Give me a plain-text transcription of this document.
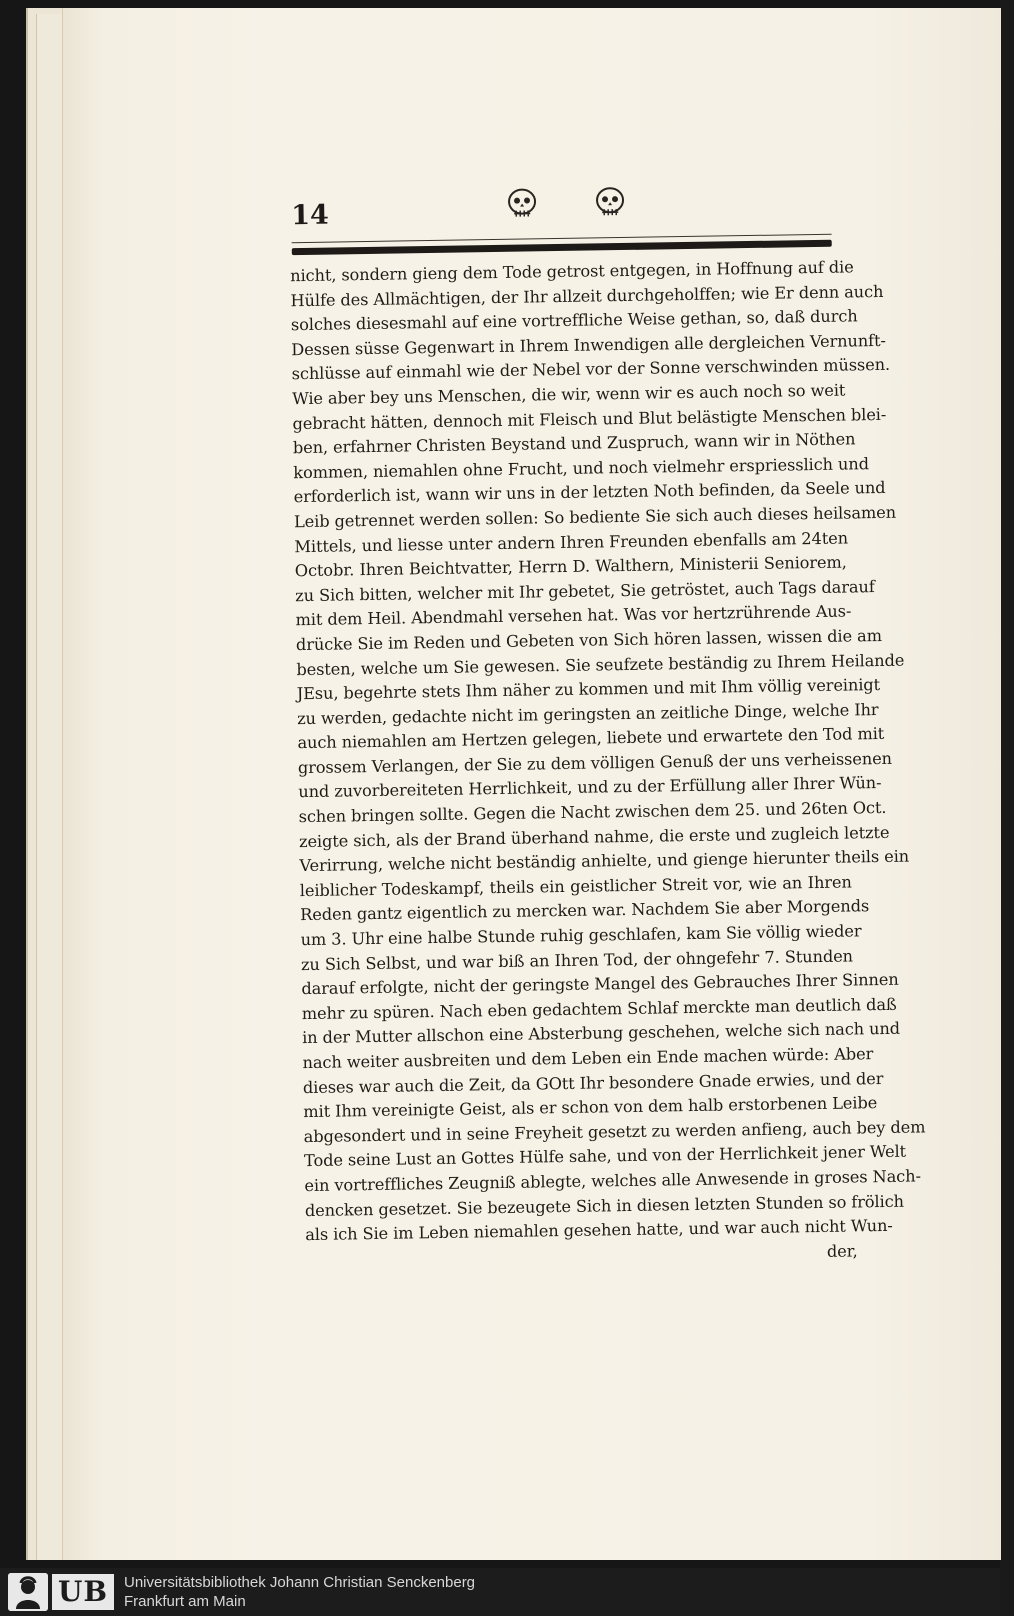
14
nicht, sondern gieng dem Tode getrost entgegen, in Hoffnung auf die
Hülfe des Allmächtigen, der Ihr allzeit durchgeholffen; wie Er denn auch
solches diesesmahl auf eine vortreffliche Weise gethan, so, daß durch
Dessen süsse Gegenwart in Ihrem Inwendigen alle dergleichen Vernunft-
schlüsse auf einmahl wie der Nebel vor der Sonne verschwinden müssen.
Wie aber bey uns Menschen, die wir, wenn wir es auch noch so weit
gebracht hätten, dennoch mit Fleisch und Blut belästigte Menschen blei-
ben, erfahrner Christen Beystand und Zuspruch, wann wir in Nöthen
kommen, niemahlen ohne Frucht, und noch vielmehr erspriesslich und
erforderlich ist, wann wir uns in der letzten Noth befinden, da Seele und
Leib getrennet werden sollen: So bediente Sie sich auch dieses heilsamen
Mittels, und liesse unter andern Ihren Freunden ebenfalls am 24ten
Octobr. Ihren Beichtvatter, Herrn D. Walthern, Ministerii Seniorem,
zu Sich bitten, welcher mit Ihr gebetet, Sie getröstet, auch Tags darauf
mit dem Heil. Abendmahl versehen hat. Was vor hertzrührende Aus-
drücke Sie im Reden und Gebeten von Sich hören lassen, wissen die am
besten, welche um Sie gewesen. Sie seufzete beständig zu Ihrem Heilande
JEsu, begehrte stets Ihm näher zu kommen und mit Ihm völlig vereinigt
zu werden, gedachte nicht im geringsten an zeitliche Dinge, welche Ihr
auch niemahlen am Hertzen gelegen, liebete und erwartete den Tod mit
grossem Verlangen, der Sie zu dem völligen Genuß der uns verheissenen
und zuvorbereiteten Herrlichkeit, und zu der Erfüllung aller Ihrer Wün-
schen bringen sollte. Gegen die Nacht zwischen dem 25. und 26ten Oct.
zeigte sich, als der Brand überhand nahme, die erste und zugleich letzte
Verirrung, welche nicht beständig anhielte, und gienge hierunter theils ein
leiblicher Todeskampf, theils ein geistlicher Streit vor, wie an Ihren
Reden gantz eigentlich zu mercken war. Nachdem Sie aber Morgends
um 3. Uhr eine halbe Stunde ruhig geschlafen, kam Sie völlig wieder
zu Sich Selbst, und war biß an Ihren Tod, der ohngefehr 7. Stunden
darauf erfolgte, nicht der geringste Mangel des Gebrauches Ihrer Sinnen
mehr zu spüren. Nach eben gedachtem Schlaf merckte man deutlich daß
in der Mutter allschon eine Absterbung geschehen, welche sich nach und
nach weiter ausbreiten und dem Leben ein Ende machen würde: Aber
dieses war auch die Zeit, da GOtt Ihr besondere Gnade erwies, und der
mit Ihm vereinigte Geist, als er schon von dem halb erstorbenen Leibe
abgesondert und in seine Freyheit gesetzt zu werden anfieng, auch bey dem
Tode seine Lust an Gottes Hülfe sahe, und von der Herrlichkeit jener Welt
ein vortreffliches Zeugniß ablegte, welches alle Anwesende in groses Nach-
dencken gesetzet. Sie bezeugete Sich in diesen letzten Stunden so frölich
als ich Sie im Leben niemahlen gesehen hatte, und war auch nicht Wun-
der,
UB	Universitätsbibliothek Johann Christian Senckenberg
Frankfurt am Main
